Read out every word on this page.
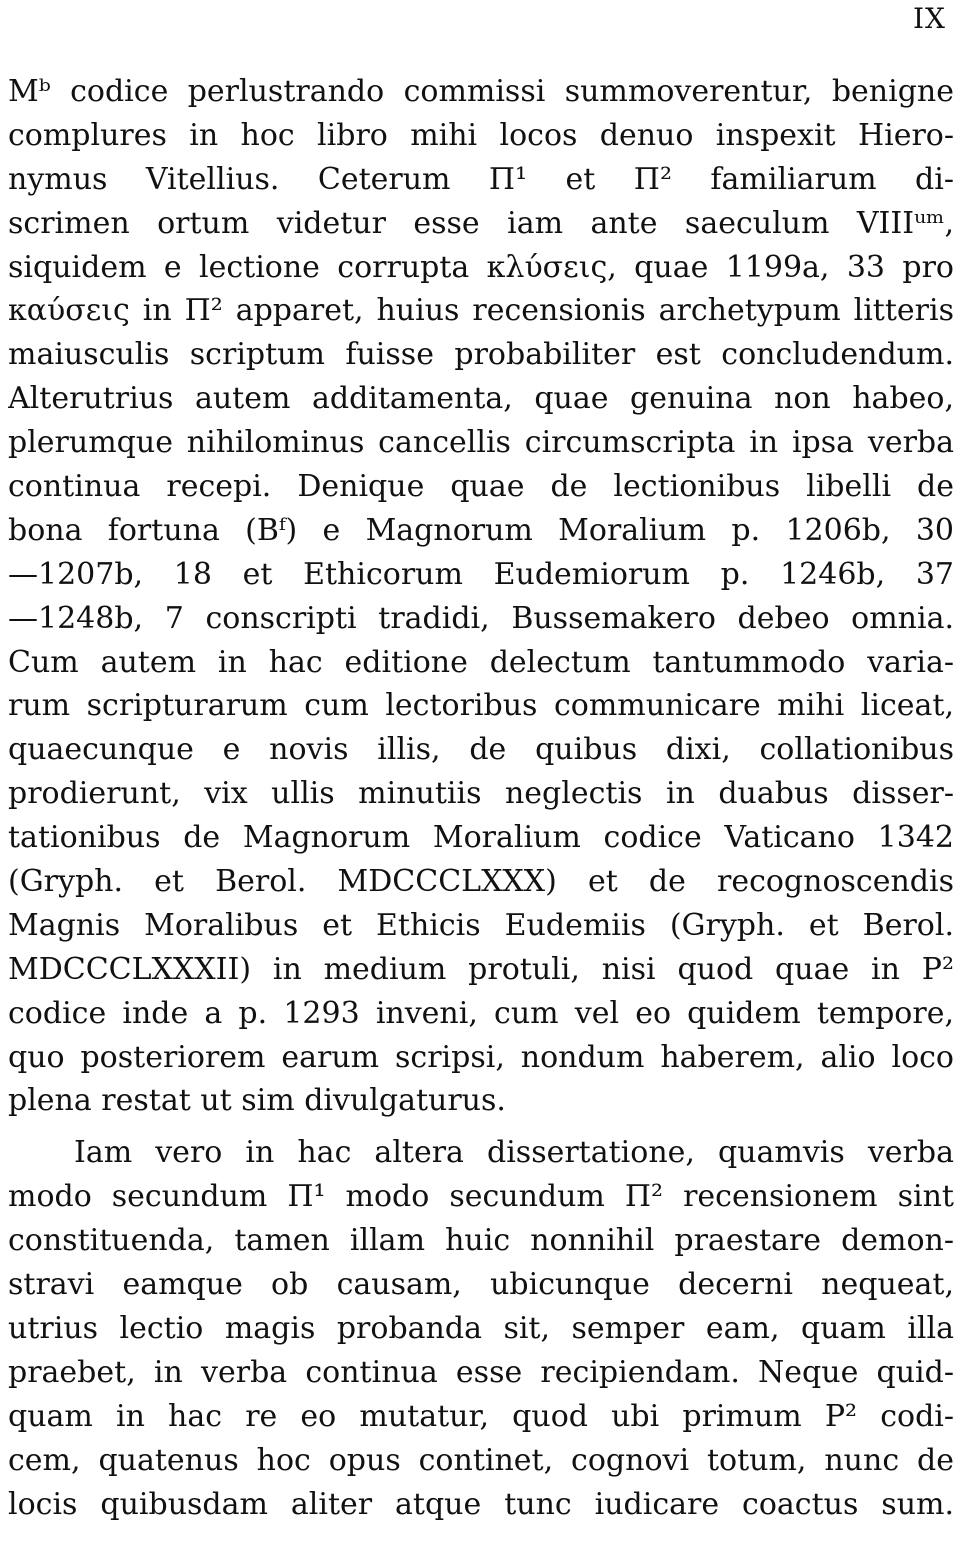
IX
Mᵇ codice perlustrando commissi summoverentur, benigne
complures in hoc libro mihi locos denuo inspexit Hiero-
nymus Vitellius. Ceterum Π¹ et Π² familiarum di-
scrimen ortum videtur esse iam ante saeculum VIIIᵘᵐ,
siquidem e lectione corrupta κλύσεις, quae 1199a, 33 pro
καύσεις in Π² apparet, huius recensionis archetypum litteris
maiusculis scriptum fuisse probabiliter est concludendum.
Alterutrius autem additamenta, quae genuina non habeo,
plerumque nihilominus cancellis circumscripta in ipsa verba
continua recepi. Denique quae de lectionibus libelli de
bona fortuna (Bᶠ) e Magnorum Moralium p. 1206b, 30
—1207b, 18 et Ethicorum Eudemiorum p. 1246b, 37
—1248b, 7 conscripti tradidi, Bussemakero debeo omnia.
Cum autem in hac editione delectum tantummodo varia-
rum scripturarum cum lectoribus communicare mihi liceat,
quaecunque e novis illis, de quibus dixi, collationibus
prodierunt, vix ullis minutiis neglectis in duabus disser-
tationibus de Magnorum Moralium codice Vaticano 1342
(Gryph. et Berol. MDCCCLXXX) et de recognoscendis
Magnis Moralibus et Ethicis Eudemiis (Gryph. et Berol.
MDCCCLXXXII) in medium protuli, nisi quod quae in P²
codice inde a p. 1293 inveni, cum vel eo quidem tempore,
quo posteriorem earum scripsi, nondum haberem, alio loco
plena restat ut sim divulgaturus.
Iam vero in hac altera dissertatione, quamvis verba
modo secundum Π¹ modo secundum Π² recensionem sint
constituenda, tamen illam huic nonnihil praestare demon-
stravi eamque ob causam, ubicunque decerni nequeat,
utrius lectio magis probanda sit, semper eam, quam illa
praebet, in verba continua esse recipiendam. Neque quid-
quam in hac re eo mutatur, quod ubi primum P² codi-
cem, quatenus hoc opus continet, cognovi totum, nunc de
locis quibusdam aliter atque tunc iudicare coactus sum.
